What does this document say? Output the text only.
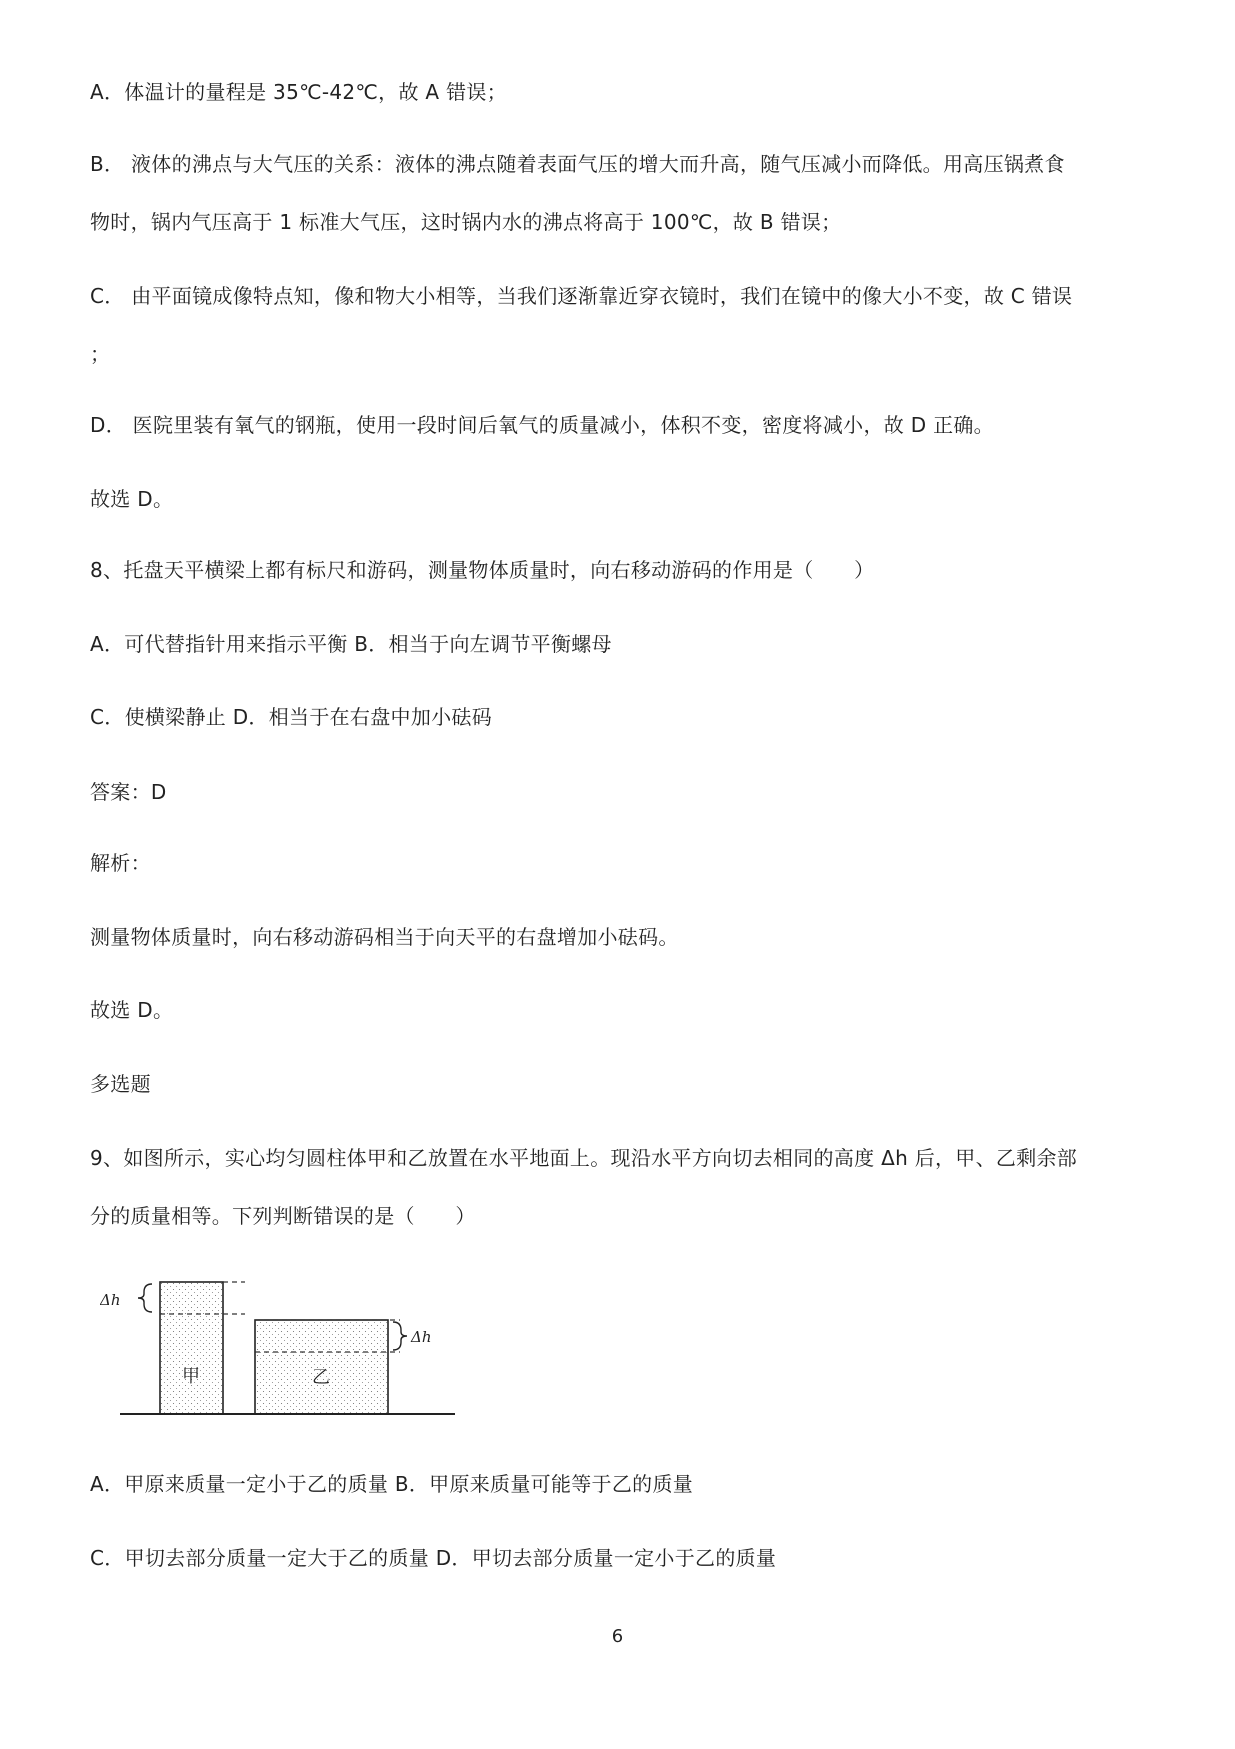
A．体温计的量程是 35℃-42℃，故 A 错误；
B． 液体的沸点与大气压的关系：液体的沸点随着表面气压的增大而升高，随气压减小而降低。用高压锅煮食
物时，锅内气压高于 1 标准大气压，这时锅内水的沸点将高于 100℃，故 B 错误；
C． 由平面镜成像特点知，像和物大小相等，当我们逐渐靠近穿衣镜时，我们在镜中的像大小不变，故 C 错误
；
D． 医院里装有氧气的钢瓶，使用一段时间后氧气的质量减小，体积不变，密度将减小，故 D 正确。
故选 D。
8、托盘天平横梁上都有标尺和游码，测量物体质量时，向右移动游码的作用是（　　）
A．可代替指针用来指示平衡 B．相当于向左调节平衡螺母
C．使横梁静止 D．相当于在右盘中加小砝码
答案：D
解析：
测量物体质量时，向右移动游码相当于向天平的右盘增加小砝码。
故选 D。
多选题
9、如图所示，实心均匀圆柱体甲和乙放置在水平地面上。现沿水平方向切去相同的高度 Δh 后，甲、乙剩余部
分的质量相等。下列判断错误的是（　　）
Δh
Δh
甲	乙
A．甲原来质量一定小于乙的质量 B．甲原来质量可能等于乙的质量
C．甲切去部分质量一定大于乙的质量 D．甲切去部分质量一定小于乙的质量
6
